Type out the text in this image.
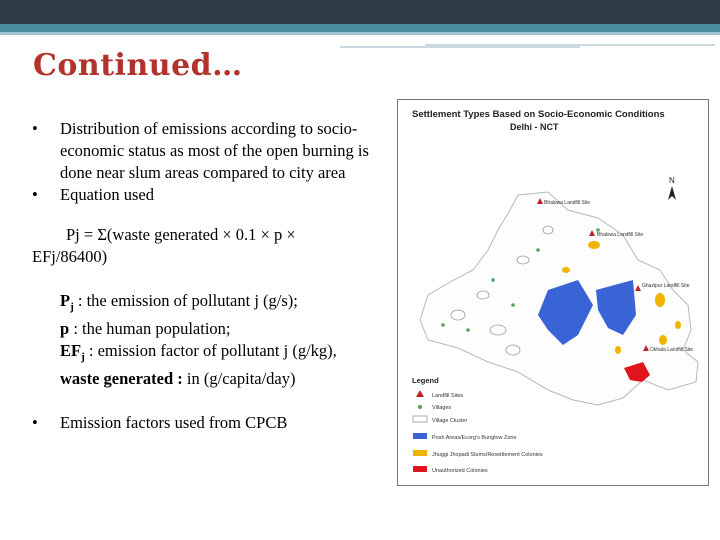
Continued…
•	Distribution of emissions according to socio-economic status as most of the open burning is done near slum areas compared to city area
•	Equation used
Pj = Σ(waste generated × 0.1 × p ×
EFj/86400)
$P_j$ : the emission of pollutant j (g/s);
p : the human population;
$EF_j$ : emission factor of pollutant j (g/kg),
waste generated : in (g/capita/day)
•	Emission factors used from CPCB
Settlement Types Based on Socio-Economic Conditions
Delhi - NCT
N
Bhalswa Landfill Site
Bhalswa Landfill Site
Ghazipur Landfill Site
Okhala Landfill Site
Legend
Landfill Sites
Villages
Village Cluster
Posh Areas/Ecorg's Bunglow Zone
Jhuggi Jhopadi Slums/Resettlement Colonies
Unauthorized Colonies
